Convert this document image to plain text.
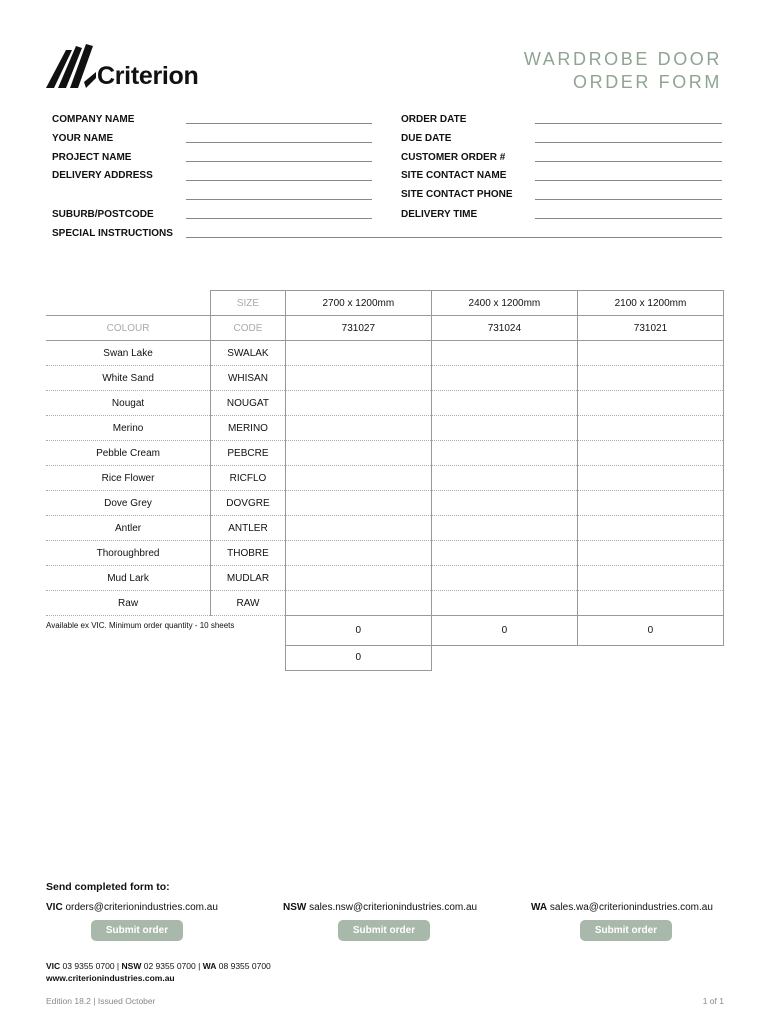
Criterion
WARDROBE DOOR
ORDER FORM
COMPANY NAME
YOUR NAME
PROJECT NAME
DELIVERY ADDRESS
SUBURB/POSTCODE
ORDER DATE
DUE DATE
CUSTOMER ORDER #
SITE CONTACT NAME
SITE CONTACT PHONE
DELIVERY TIME
SPECIAL INSTRUCTIONS
	SIZE	2700 x 1200mm	2400 x 1200mm	2100 x 1200mm
COLOUR	CODE	731027	731024	731021
Swan Lake	SWALAK			
White Sand	WHISAN			
Nougat	NOUGAT			
Merino	MERINO			
Pebble Cream	PEBCRE			
Rice Flower	RICFLO			
Dove Grey	DOVGRE			
Antler	ANTLER			
Thoroughbred	THOBRE			
Mud Lark	MUDLAR			
Raw	RAW			
Available ex VIC. Minimum order quantity - 10 sheets		0	0	0
		0		
Send completed form to:
VIC orders@criterionindustries.com.au	NSW sales.nsw@criterionindustries.com.au	WA sales.wa@criterionindustries.com.au
Submit order	Submit order	Submit order
VIC 03 9355 0700 | NSW 02 9355 0700 | WA 08 9355 0700
www.criterionindustries.com.au
Edition 18.2 | Issued October	1 of 1
